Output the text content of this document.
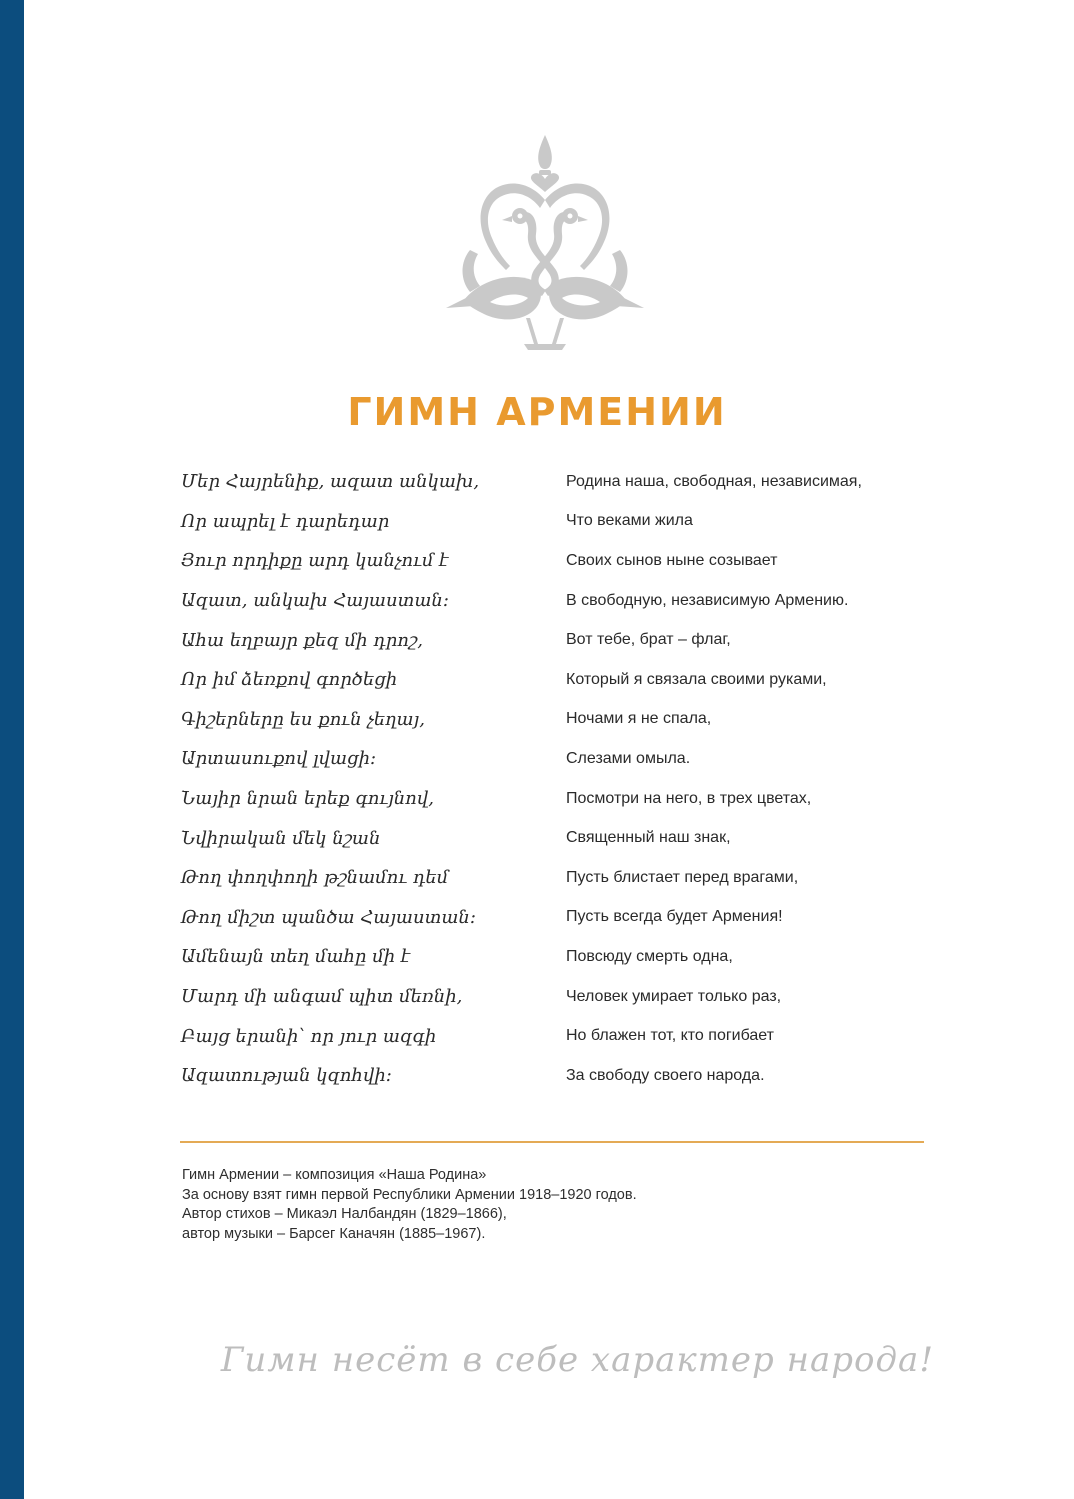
ГИМН АРМЕНИИ
Մեր Հայրենիք, ազատ անկախ,	Родина наша, свободная, независимая,
Որ ապրել է դարեդար	Что веками жила
Յուր որդիքը արդ կանչում է	Своих сынов ныне созывает
Ազատ, անկախ Հայաստան:	В свободную, независимую Армению.
Ահա եղբայր քեզ մի դրոշ,	Вот тебе, брат – флаг,
Որ իմ ձեռքով գործեցի	Который я связала своими руками,
Գիշերները ես քուն չեղայ,	Ночами я не спала,
Արտասուքով լվացի:	Слезами омыла.
Նայիր նրան երեք գույնով,	Посмотри на него, в трех цветах,
Նվիրական մեկ նշան	Священный наш знак,
Թող փողփողի թշնամու դեմ	Пусть блистает перед врагами,
Թող միշտ պանծա Հայաստան:	Пусть всегда будет Армения!
Ամենայն տեղ մահը մի է	Повсюду смерть одна,
Մարդ մի անգամ պիտ մեռնի,	Человек умирает только раз,
Բայց երանի՝ որ յուր ազգի	Но блажен тот, кто погибает
Ազատության կզոհվի:	За свободу своего народа.
Гимн Армении – композиция «Наша Родина»
За основу взят гимн первой Республики Армении 1918–1920 годов.
Автор стихов – Микаэл Налбандян (1829–1866),
автор музыки – Барсег Каначян (1885–1967).
Гимн несёт в себе характер народа!
